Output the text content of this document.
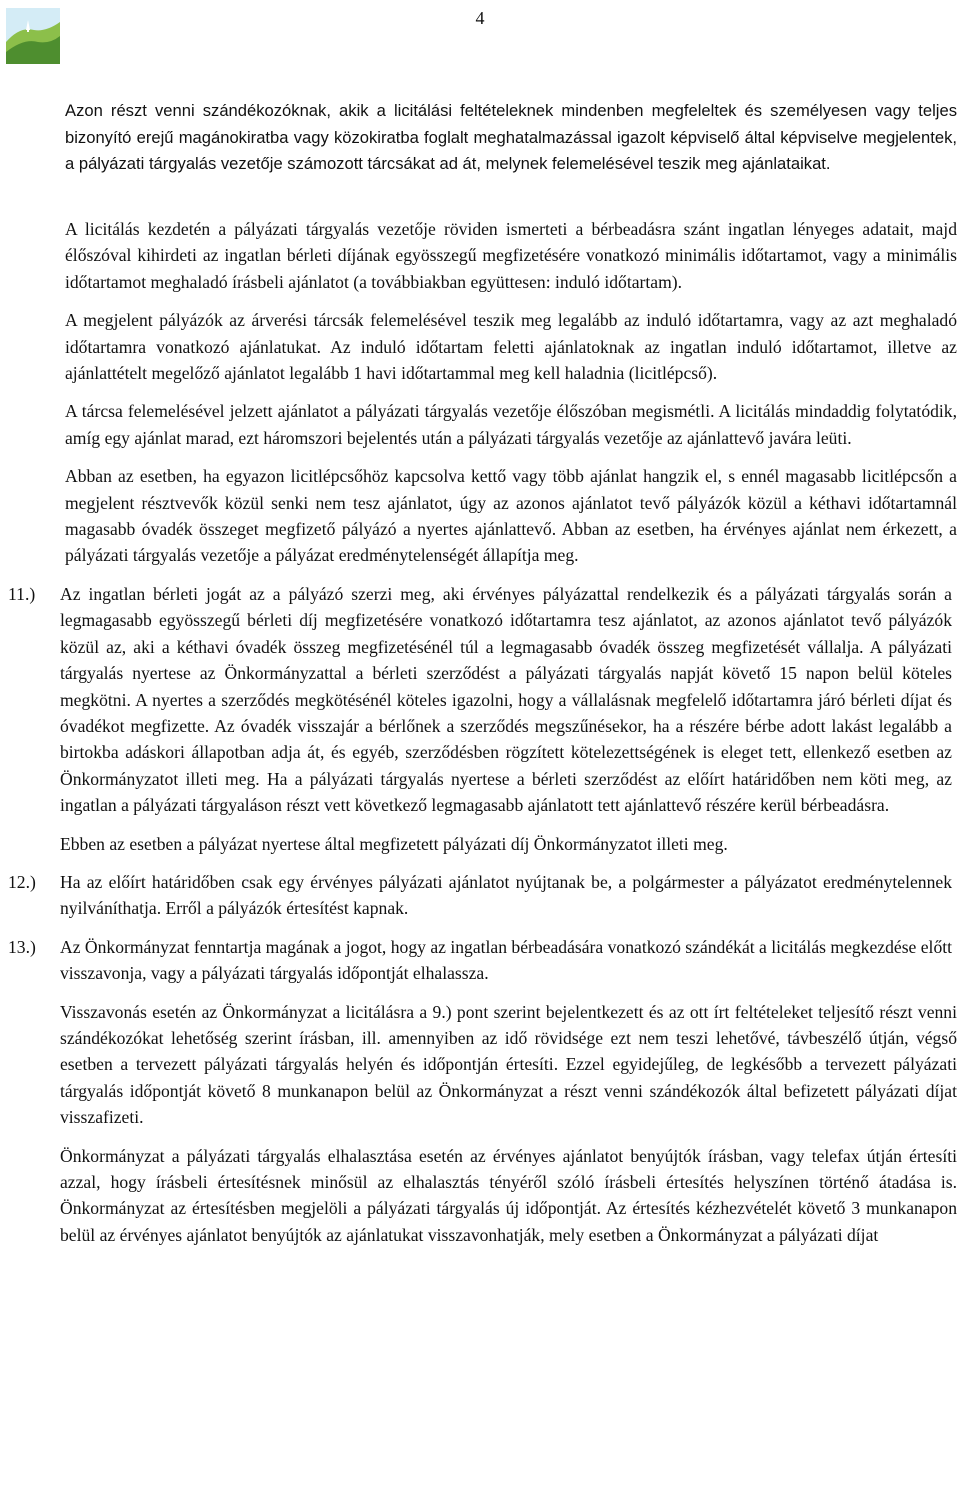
4

Azon részt venni szándékozóknak, akik a licitálási feltételeknek mindenben megfeleltek és személyesen vagy teljes bizonyító erejű magánokiratba vagy közokiratba foglalt meghatalmazással igazolt képviselő által képviselve megjelentek, a pályázati tárgyalás vezetője számozott tárcsákat ad át, melynek felemelésével teszik meg ajánlataikat.

A licitálás kezdetén a pályázati tárgyalás vezetője röviden ismerteti a bérbeadásra szánt ingatlan lényeges adatait, majd élőszóval kihirdeti az ingatlan bérleti díjának egyösszegű megfizetésére vonatkozó minimális időtartamot, vagy a minimális időtartamot meghaladó írásbeli ajánlatot (a továbbiakban együttesen: induló időtartam).

A megjelent pályázók az árverési tárcsák felemelésével teszik meg legalább az induló időtartamra, vagy az azt meghaladó időtartamra vonatkozó ajánlatukat. Az induló időtartam feletti ajánlatoknak az ingatlan induló időtartamot, illetve az ajánlattételt megelőző ajánlatot legalább 1 havi időtartammal meg kell haladnia (licitlépcső).

A tárcsa felemelésével jelzett ajánlatot a pályázati tárgyalás vezetője élőszóban megismétli. A licitálás mindaddig folytatódik, amíg egy ajánlat marad, ezt háromszori bejelentés után a pályázati tárgyalás vezetője az ajánlattevő javára leüti.

Abban az esetben, ha egyazon licitlépcsőhöz kapcsolva kettő vagy több ajánlat hangzik el, s ennél magasabb licitlépcsőn a megjelent résztvevők közül senki nem tesz ajánlatot, úgy az azonos ajánlatot tevő pályázók közül a kéthavi időtartamnál magasabb óvadék összeget megfizető pályázó a nyertes ajánlattevő. Abban az esetben, ha érvényes ajánlat nem érkezett, a pályázati tárgyalás vezetője a pályázat eredménytelenségét állapítja meg.

11.) Az ingatlan bérleti jogát az a pályázó szerzi meg, aki érvényes pályázattal rendelkezik és a pályázati tárgyalás során a legmagasabb egyösszegű bérleti díj megfizetésére vonatkozó időtartamra tesz ajánlatot, az azonos ajánlatot tevő pályázók közül az, aki a kéthavi óvadék összeg megfizetésénél túl a legmagasabb óvadék összeg megfizetését vállalja. A pályázati tárgyalás nyertese az Önkormányzattal a bérleti szerződést a pályázati tárgyalás napját követő 15 napon belül köteles megkötni. A nyertes a szerződés megkötésénél köteles igazolni, hogy a vállalásnak megfelelő időtartamra járó bérleti díjat és óvadékot megfizette. Az óvadék visszajár a bérlőnek a szerződés megszűnésekor, ha a részére bérbe adott lakást legalább a birtokba adáskori állapotban adja át, és egyéb, szerződésben rögzített kötelezettségének is eleget tett, ellenkező esetben az Önkormányzatot illeti meg. Ha a pályázati tárgyalás nyertese a bérleti szerződést az előírt határidőben nem köti meg, az ingatlan a pályázati tárgyaláson részt vett következő legmagasabb ajánlatott tett ajánlattevő részére kerül bérbeadásra.

Ebben az esetben a pályázat nyertese által megfizetett pályázati díj Önkormányzatot illeti meg.

12.) Ha az előírt határidőben csak egy érvényes pályázati ajánlatot nyújtanak be, a polgármester a pályázatot eredménytelennek nyilváníthatja. Erről a pályázók értesítést kapnak.

13.) Az Önkormányzat fenntartja magának a jogot, hogy az ingatlan bérbeadására vonatkozó szándékát a licitálás megkezdése előtt visszavonja, vagy a pályázati tárgyalás időpontját elhalassza.

Visszavonás esetén az Önkormányzat a licitálásra a 9.) pont szerint bejelentkezett és az ott írt feltételeket teljesítő részt venni szándékozókat lehetőség szerint írásban, ill. amennyiben az idő rövidsége ezt nem teszi lehetővé, távbeszélő útján, végső esetben a tervezett pályázati tárgyalás helyén és időpontján értesíti. Ezzel egyidejűleg, de legkésőbb a tervezett pályázati tárgyalás időpontját követő 8 munkanapon belül az Önkormányzat a részt venni szándékozók által befizetett pályázati díjat visszafizeti.

Önkormányzat a pályázati tárgyalás elhalasztása esetén az érvényes ajánlatot benyújtók írásban, vagy telefax útján értesíti azzal, hogy írásbeli értesítésnek minősül az elhalasztás tényéről szóló írásbeli értesítés helyszínen történő átadása is. Önkormányzat az értesítésben megjelöli a pályázati tárgyalás új időpontját. Az értesítés kézhezvételét követő 3 munkanapon belül az érvényes ajánlatot benyújtók az ajánlatukat visszavonhatják, mely esetben a Önkormányzat a pályázati díjat
